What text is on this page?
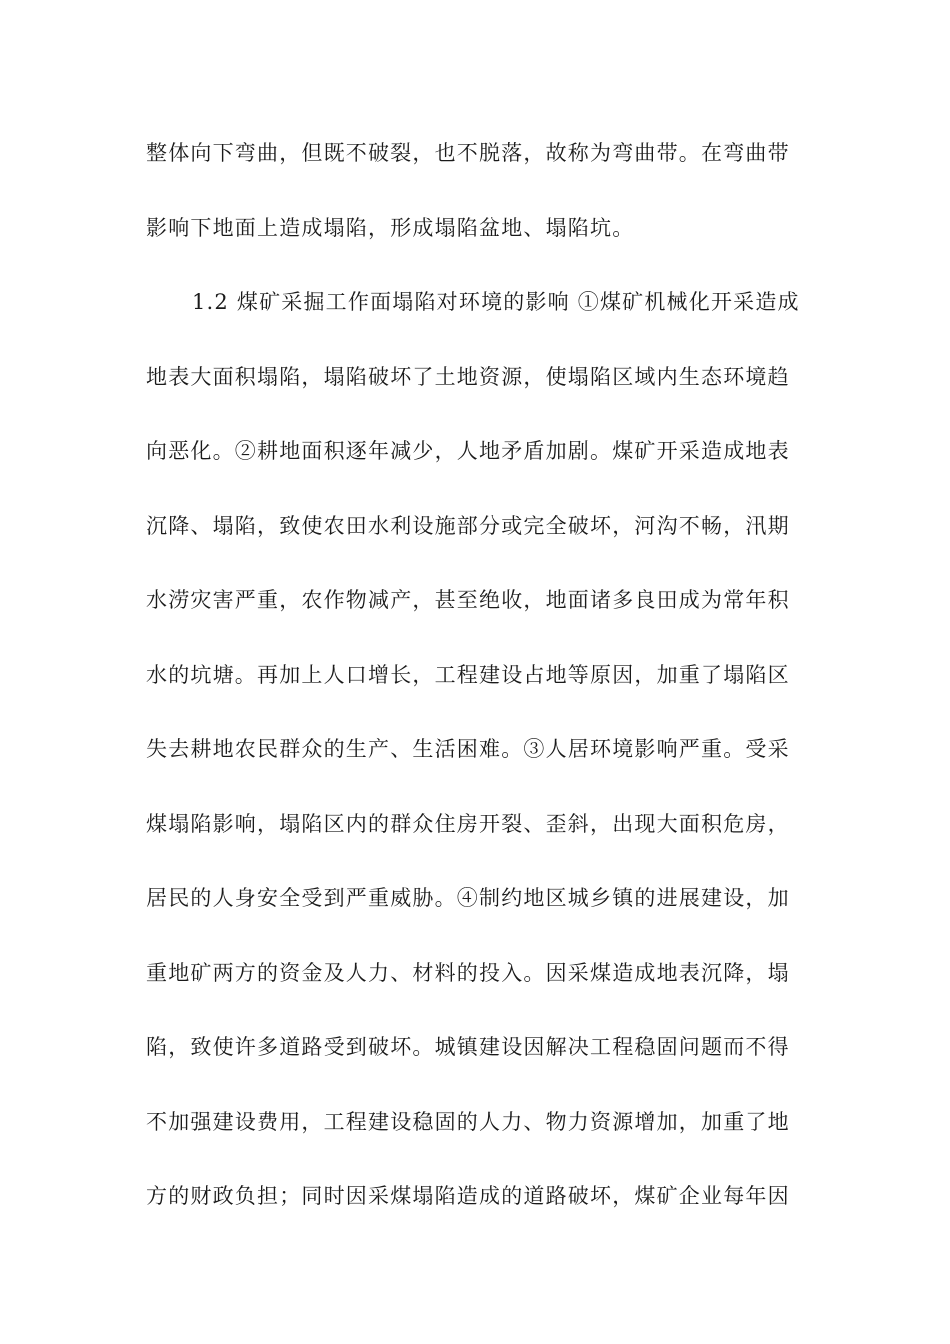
整体向下弯曲，但既不破裂，也不脱落，故称为弯曲带。在弯曲带
影响下地面上造成塌陷，形成塌陷盆地、塌陷坑。
1.2 煤矿采掘工作面塌陷对环境的影响 ①煤矿机械化开采造成
地表大面积塌陷，塌陷破坏了土地资源，使塌陷区域内生态环境趋
向恶化。②耕地面积逐年减少，人地矛盾加剧。煤矿开采造成地表
沉降、塌陷，致使农田水利设施部分或完全破坏，河沟不畅，汛期
水涝灾害严重，农作物减产，甚至绝收，地面诸多良田成为常年积
水的坑塘。再加上人口增长，工程建设占地等原因，加重了塌陷区
失去耕地农民群众的生产、生活困难。③人居环境影响严重。受采
煤塌陷影响，塌陷区内的群众住房开裂、歪斜，出现大面积危房，
居民的人身安全受到严重威胁。④制约地区城乡镇的进展建设，加
重地矿两方的资金及人力、材料的投入。因采煤造成地表沉降，塌
陷，致使许多道路受到破坏。城镇建设因解决工程稳固问题而不得
不加强建设费用，工程建设稳固的人力、物力资源增加，加重了地
方的财政负担；同时因采煤塌陷造成的道路破坏，煤矿企业每年因
